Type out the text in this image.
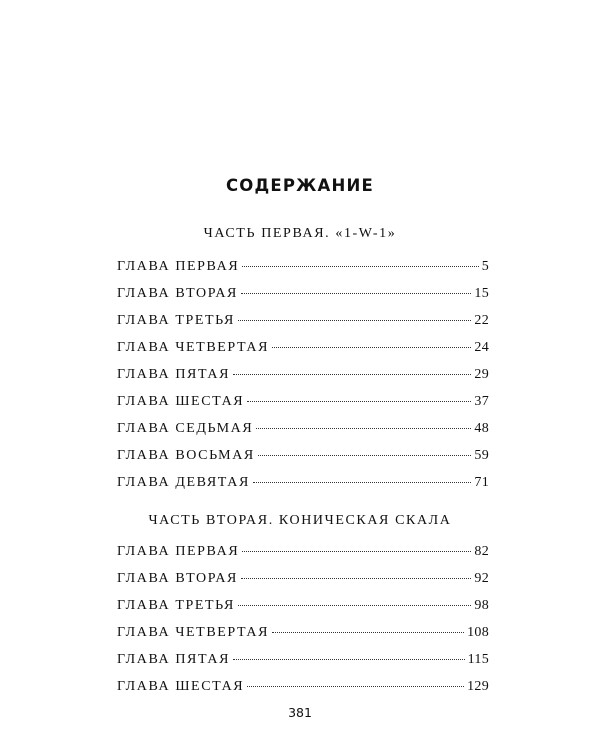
СОДЕРЖАНИЕ
ЧАСТЬ ПЕРВАЯ. «1-W-1»
ГЛАВА ПЕРВАЯ	5
ГЛАВА ВТОРАЯ	15
ГЛАВА ТРЕТЬЯ	22
ГЛАВА ЧЕТВЕРТАЯ	24
ГЛАВА ПЯТАЯ	29
ГЛАВА ШЕСТАЯ	37
ГЛАВА СЕДЬМАЯ	48
ГЛАВА ВОСЬМАЯ	59
ГЛАВА ДЕВЯТАЯ	71
ЧАСТЬ ВТОРАЯ. КОНИЧЕСКАЯ СКАЛА
ГЛАВА ПЕРВАЯ	82
ГЛАВА ВТОРАЯ	92
ГЛАВА ТРЕТЬЯ	98
ГЛАВА ЧЕТВЕРТАЯ	108
ГЛАВА ПЯТАЯ	115
ГЛАВА ШЕСТАЯ	129
381
